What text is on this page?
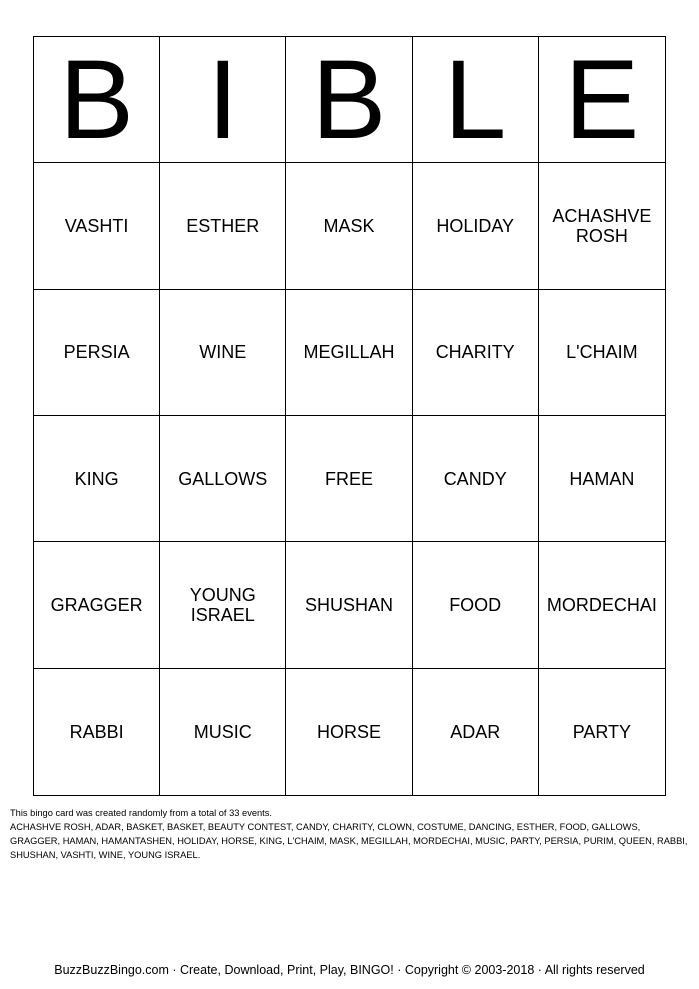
B I B L E
VASHTI	ESTHER	MASK	HOLIDAY	ACHASHVE ROSH
PERSIA	WINE	MEGILLAH	CHARITY	L'CHAIM
KING	GALLOWS	FREE	CANDY	HAMAN
GRAGGER	YOUNG ISRAEL	SHUSHAN	FOOD	MORDECHAI
RABBI	MUSIC	HORSE	ADAR	PARTY
This bingo card was created randomly from a total of 33 events.
ACHASHVE ROSH, ADAR, BASKET, BASKET, BEAUTY CONTEST, CANDY, CHARITY, CLOWN, COSTUME, DANCING, ESTHER, FOOD, GALLOWS, GRAGGER, HAMAN, HAMANTASHEN, HOLIDAY, HORSE, KING, L'CHAIM, MASK, MEGILLAH, MORDECHAI, MUSIC, PARTY, PERSIA, PURIM, QUEEN, RABBI, SHUSHAN, VASHTI, WINE, YOUNG ISRAEL.
BuzzBuzzBingo.com · Create, Download, Print, Play, BINGO! · Copyright © 2003-2018 · All rights reserved
